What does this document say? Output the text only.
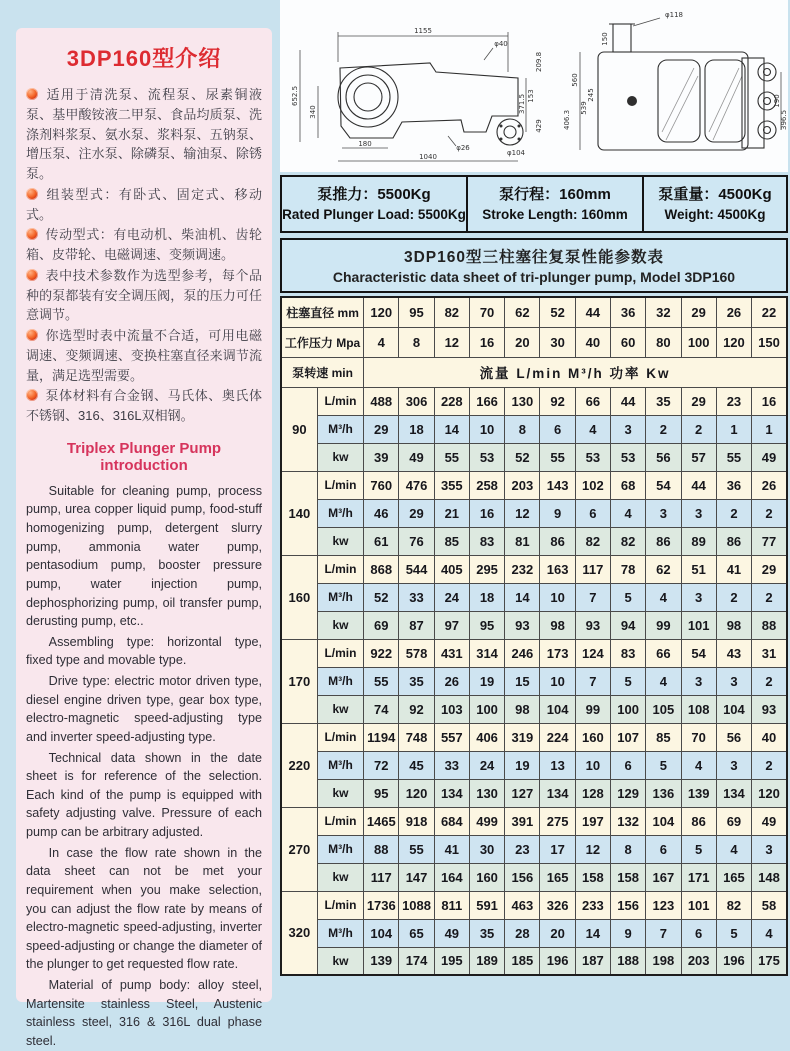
3DP160型介绍
适用于清洗泵、流程泵、尿素铜液泵、基甲酸铵液二甲泵、食品均质泵、洗涤剂料浆泵、氨水泵、浆料泵、五钠泵、增压泵、注水泵、除磷泵、输油泵、除锈泵。
组装型式：有卧式、固定式、移动式。
传动型式：有电动机、柴油机、齿轮箱、皮带轮、电磁调速、变频调速。
表中技术参数作为选型参考，每个品种的泵都装有安全调压阀，泵的压力可任意调节。
你选型时表中流量不合适，可用电磁调速、变频调速、变换柱塞直径来调节流量，满足选型需要。
泵体材料有合金钢、马氏体、奥氏体不锈钢、316、316L双相钢。
Triplex Plunger Pump introduction

Suitable for cleaning pump, process pump, urea copper liquid pump, food-stuff homogenizing pump, detergent slurry pump, ammonia water pump, pentasodium pump, booster pressure pump, water injection pump, dephosphorizing pump, oil transfer pump, derusting pump, etc..

Assembling type: horizontal type, fixed type and movable type.

Drive type: electric motor driven type, diesel engine driven type, gear box type, electro-magnetic speed-adjusting type and inverter speed-adjusting type.

Technical data shown in the date sheet is for reference of the selection. Each kind of the pump is equipped with safety adjusting valve. Pressure of each pump can be arbitrary adjusted.

In case the flow rate shown in the data sheet can not be met your requirement when you make selection, you can adjust the flow rate by means of electro-magnetic speed-adjusting, inverter speed-adjusting or change the diameter of the plunger to get requested flow rate.

Material of pump body: alloy steel, Martensite stainless Steel, Austenic stainless steel, 316 & 316L dual phase steel.

1155
652.5
340
180
1040
φ26
φ40
371.5 153
209.8
429
φ104
φ118
150
560
539
245
406.3
190
396.5
泵推力：5500Kg
Rated Plunger Load: 5500Kg
泵行程：160mm
Stroke Length: 160mm
泵重量：4500Kg
Weight: 4500Kg
3DP160型三柱塞往复泵性能参数表
Characteristic data sheet of tri-plunger pump, Model 3DP160
柱塞直径 mm		120	95	82	70	62	52	44	36	32	29	26	22
工作压力 Mpa		4	8	12	16	20	30	40	60	80	100	120	150
泵转速 min		流量 L/min M³/h 功率 Kw											
90	L/min	488	306	228	166	130	92	66	44	35	29	23	16
	M³/h	29	18	14	10	8	6	4	3	2	2	1	1
	kw	39	49	55	53	52	55	53	53	56	57	55	49
140	L/min	760	476	355	258	203	143	102	68	54	44	36	26
	M³/h	46	29	21	16	12	9	6	4	3	3	2	2
	kw	61	76	85	83	81	86	82	82	86	89	86	77
160	L/min	868	544	405	295	232	163	117	78	62	51	41	29
	M³/h	52	33	24	18	14	10	7	5	4	3	2	2
	kw	69	87	97	95	93	98	93	94	99	101	98	88
170	L/min	922	578	431	314	246	173	124	83	66	54	43	31
	M³/h	55	35	26	19	15	10	7	5	4	3	3	2
	kw	74	92	103	100	98	104	99	100	105	108	104	93
220	L/min	1194	748	557	406	319	224	160	107	85	70	56	40
	M³/h	72	45	33	24	19	13	10	6	5	4	3	2
	kw	95	120	134	130	127	134	128	129	136	139	134	120
270	L/min	1465	918	684	499	391	275	197	132	104	86	69	49
	M³/h	88	55	41	30	23	17	12	8	6	5	4	3
	kw	117	147	164	160	156	165	158	158	167	171	165	148
320	L/min	1736	1088	811	591	463	326	233	156	123	101	82	58
	M³/h	104	65	49	35	28	20	14	9	7	6	5	4
	kw	139	174	195	189	185	196	187	188	198	203	196	175
